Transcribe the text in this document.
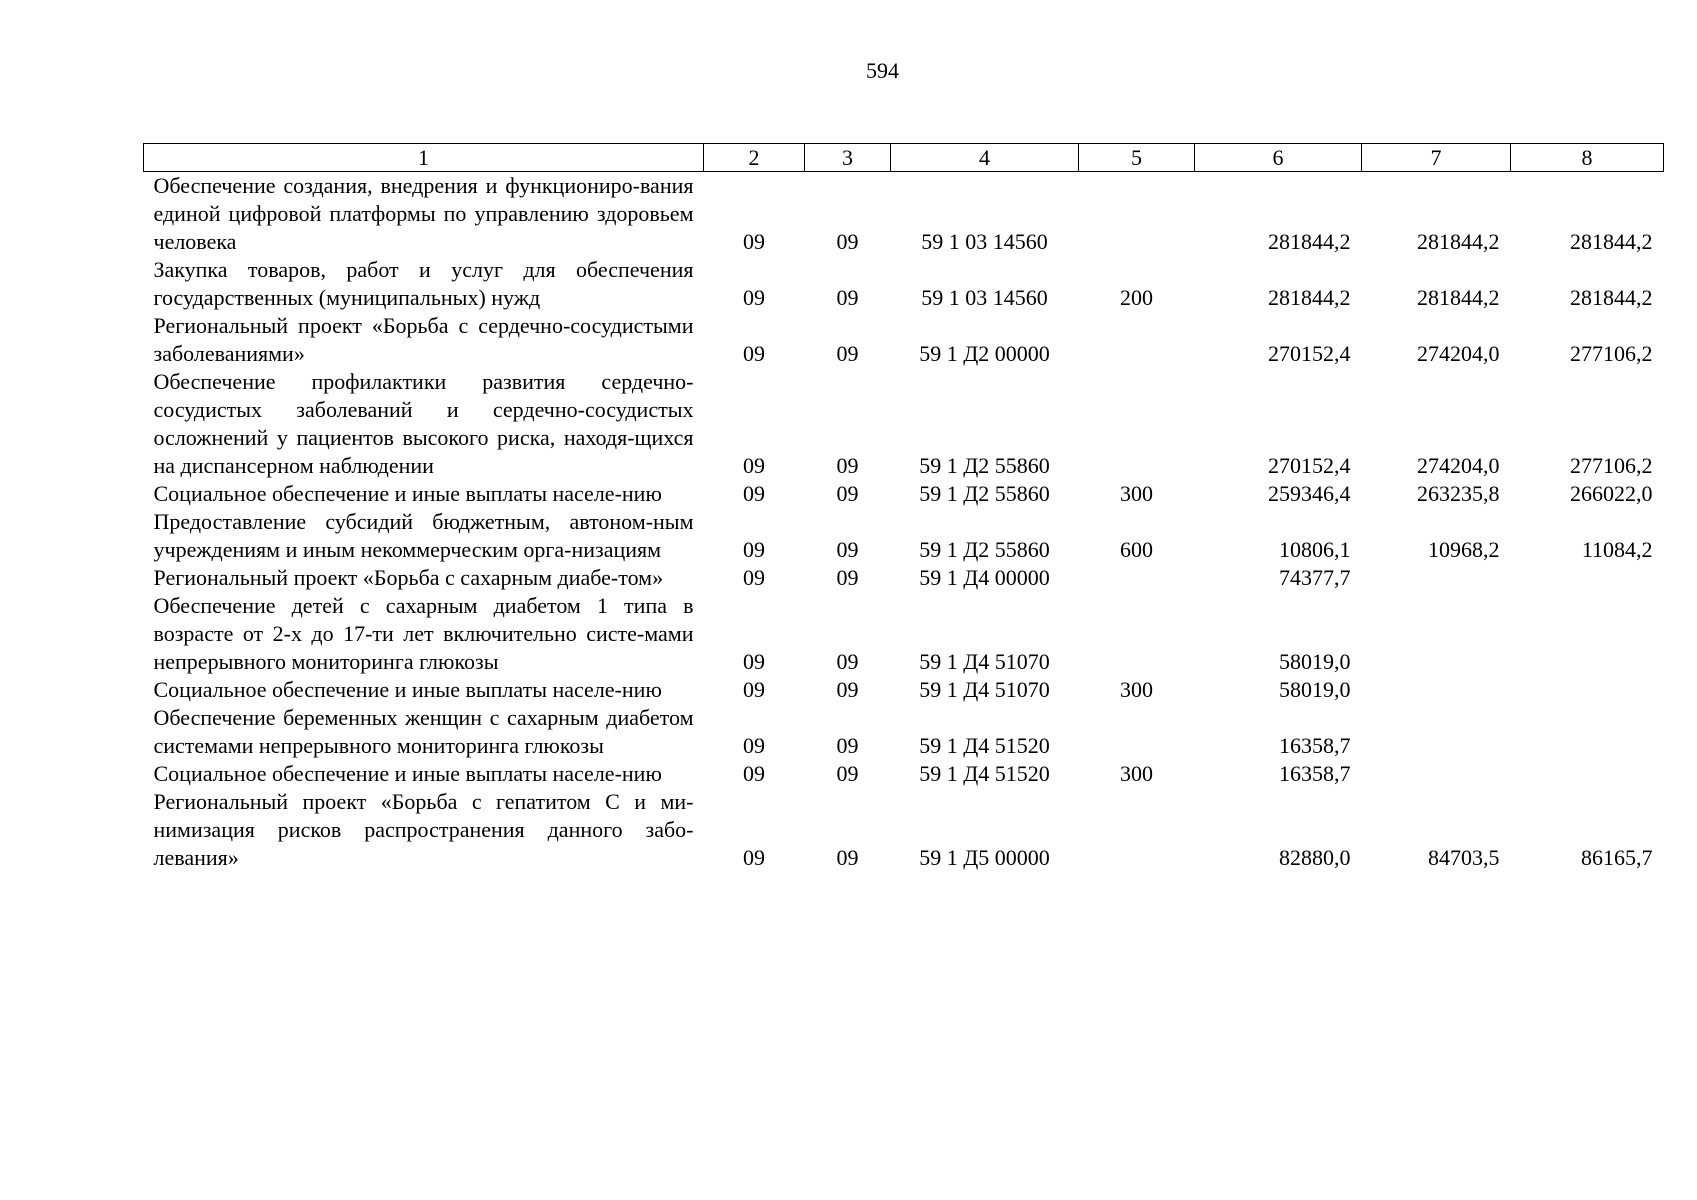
594
1	2	3	4	5	6	7	8
Обеспечение создания, внедрения и функциониро-вания единой цифровой платформы по управлению здоровьем человека	09	09	59 1 03 14560		281844,2	281844,2	281844,2
Закупка товаров, работ и услуг для обеспечения государственных (муниципальных) нужд	09	09	59 1 03 14560	200	281844,2	281844,2	281844,2
Региональный проект «Борьба с сердечно-сосудистыми заболеваниями»	09	09	59 1 Д2 00000		270152,4	274204,0	277106,2
Обеспечение профилактики развития сердечно-сосудистых заболеваний и сердечно-сосудистых осложнений у пациентов высокого риска, находя-щихся на диспансерном наблюдении	09	09	59 1 Д2 55860		270152,4	274204,0	277106,2
Социальное обеспечение и иные выплаты населе-нию	09	09	59 1 Д2 55860	300	259346,4	263235,8	266022,0
Предоставление субсидий бюджетным, автоном-ным учреждениям и иным некоммерческим орга-низациям	09	09	59 1 Д2 55860	600	10806,1	10968,2	11084,2
Региональный проект «Борьба с сахарным диабе-том»	09	09	59 1 Д4 00000		74377,7		
Обеспечение детей с сахарным диабетом 1 типа в возрасте от 2-х до 17-ти лет включительно систе-мами непрерывного мониторинга глюкозы	09	09	59 1 Д4 51070		58019,0		
Социальное обеспечение и иные выплаты населе-нию	09	09	59 1 Д4 51070	300	58019,0		
Обеспечение беременных женщин с сахарным диабетом системами непрерывного мониторинга глюкозы	09	09	59 1 Д4 51520		16358,7		
Социальное обеспечение и иные выплаты населе-нию	09	09	59 1 Д4 51520	300	16358,7		
Региональный проект «Борьба с гепатитом С и ми-нимизация рисков распространения данного забо-левания»	09	09	59 1 Д5 00000		82880,0	84703,5	86165,7
